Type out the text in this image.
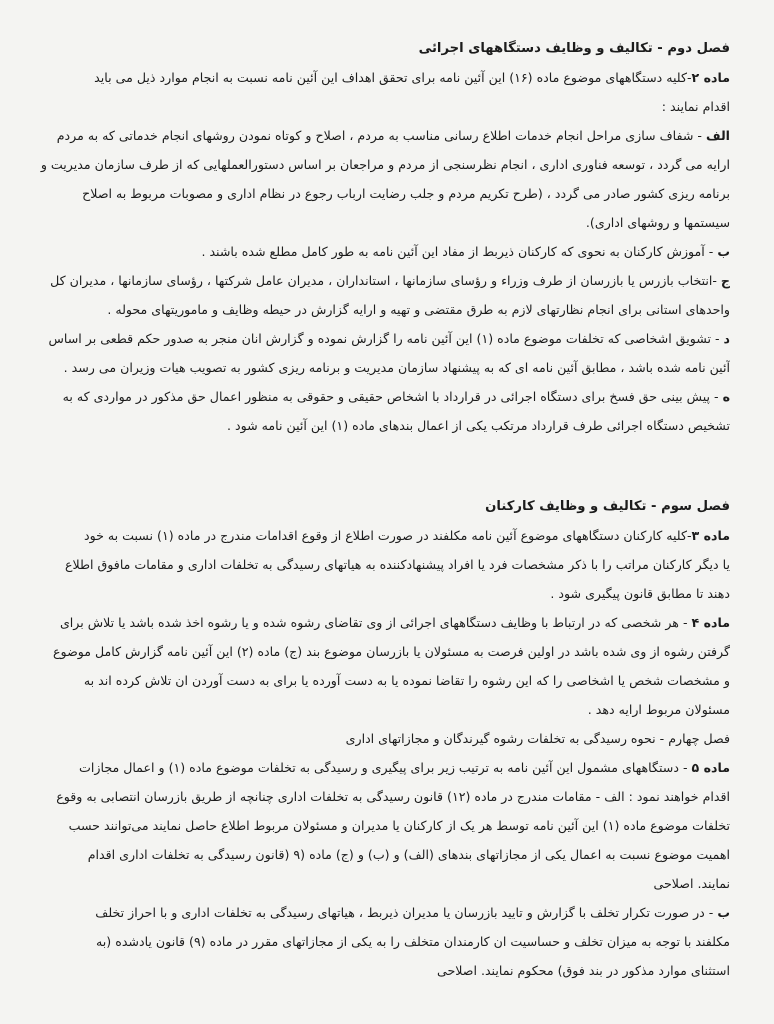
فصل دوم - تکالیف و وظایف دستگاههای اجرائی

ماده ۲-کلیه دستگاههای موضوع ماده (۱۶) این آئین نامه برای تحقق اهداف این آئین نامه نسبت به انجام موارد ذیل می باید
اقدام نمایند :

الف - شفاف سازی مراحل انجام خدمات اطلاع رسانی مناسب به مردم ، اصلاح و کوتاه نمودن روشهای انجام خدماتی که به مردم
ارایه می گردد ، توسعه فناوری اداری ، انجام نظرسنجی از مردم و مراجعان بر اساس دستورالعملهایی که از طرف سازمان مدیریت و
برنامه ریزی کشور صادر می گردد ، (طرح تکریم مردم و جلب رضایت ارباب رجوع در نظام اداری و مصوبات مربوط به اصلاح
سیستمها و روشهای اداری).

ب - آموزش کارکنان به نحوی که کارکنان ذیربط از مفاد این آئین نامه به طور کامل مطلع شده باشند .

ج -انتخاب بازرس یا بازرسان از طرف وزراء و رؤسای سازمانها ، استانداران ، مدیران عامل شرکتها ، رؤسای سازمانها ، مدیران کل
واحدهای استانی برای انجام نظارتهای لازم به طرق مقتضی و تهیه و ارایه گزارش در حیطه وظایف و ماموریتهای محوله .

د - تشویق اشخاصی که تخلفات موضوع ماده (۱) این آئین نامه را گزارش نموده و گزارش انان منجر به صدور حکم قطعی بر اساس
آئین نامه شده باشد ، مطابق آئین نامه ای که به پیشنهاد سازمان مدیریت و برنامه ریزی کشور به تصویب هیات وزیران می رسد .

ه - پیش بینی حق فسخ برای دستگاه اجرائی در قرارداد با اشخاص حقیقی و حقوقی به منظور اعمال حق مذکور در مواردی که به
تشخیص دستگاه اجرائی طرف قرارداد مرتکب یکی از اعمال بندهای ماده (۱) این آئین نامه شود .

فصل سوم - تکالیف و وظایف کارکنان

ماده ۳-کلیه کارکنان دستگاههای موضوع آئین نامه مکلفند در صورت اطلاع از وقوع اقدامات مندرج در ماده (۱) نسبت به خود
یا دیگر کارکنان مراتب را با ذکر مشخصات فرد یا افراد پیشنهادکننده به هیاتهای رسیدگی به تخلفات اداری و مقامات مافوق اطلاع
دهند تا مطابق قانون پیگیری شود .

ماده ۴ - هر شخصی که در ارتباط با وظایف دستگاههای اجرائی از وی تقاضای رشوه شده و یا رشوه اخذ شده باشد یا تلاش برای
گرفتن رشوه از وی شده باشد در اولین فرصت به مسئولان یا بازرسان موضوع بند (ج) ماده (۲) این آئین نامه گزارش کامل موضوع
و مشخصات شخص یا اشخاصی را که این رشوه را تقاضا نموده یا به دست آورده یا برای به دست آوردن ان تلاش کرده اند به
مسئولان مربوط ارایه دهد .

فصل چهارم - نحوه رسیدگی به تخلفات رشوه گیرندگان و مجازاتهای اداری

ماده ۵ - دستگاههای مشمول این آئین نامه به ترتیب زیر برای پیگیری و رسیدگی به تخلفات موضوع ماده (۱) و اعمال مجازات
اقدام خواهند نمود : الف - مقامات مندرج در ماده (۱۲) قانون رسیدگی به تخلفات اداری چنانچه از طریق بازرسان انتصابی به وقوع
تخلفات موضوع ماده (۱) این آئین نامه توسط هر یک از کارکنان یا مدیران و مسئولان مربوط اطلاع حاصل نمایند می‌توانند حسب
اهمیت موضوع نسبت به اعمال یکی از مجازاتهای بندهای (الف) و (ب) و (ج) ماده (۹ (قانون رسیدگی به تخلفات اداری اقدام
نمایند. اصلاحی

ب - در صورت تکرار تخلف با گزارش و تایید بازرسان یا مدیران ذیربط ، هیاتهای رسیدگی به تخلفات اداری و با احراز تخلف
مکلفند با توجه به میزان تخلف و حساسیت ان کارمندان متخلف را به یکی از مجازاتهای مقرر در ماده (۹) قانون یادشده (به
استثنای موارد مذکور در بند فوق) محکوم نمایند. اصلاحی
